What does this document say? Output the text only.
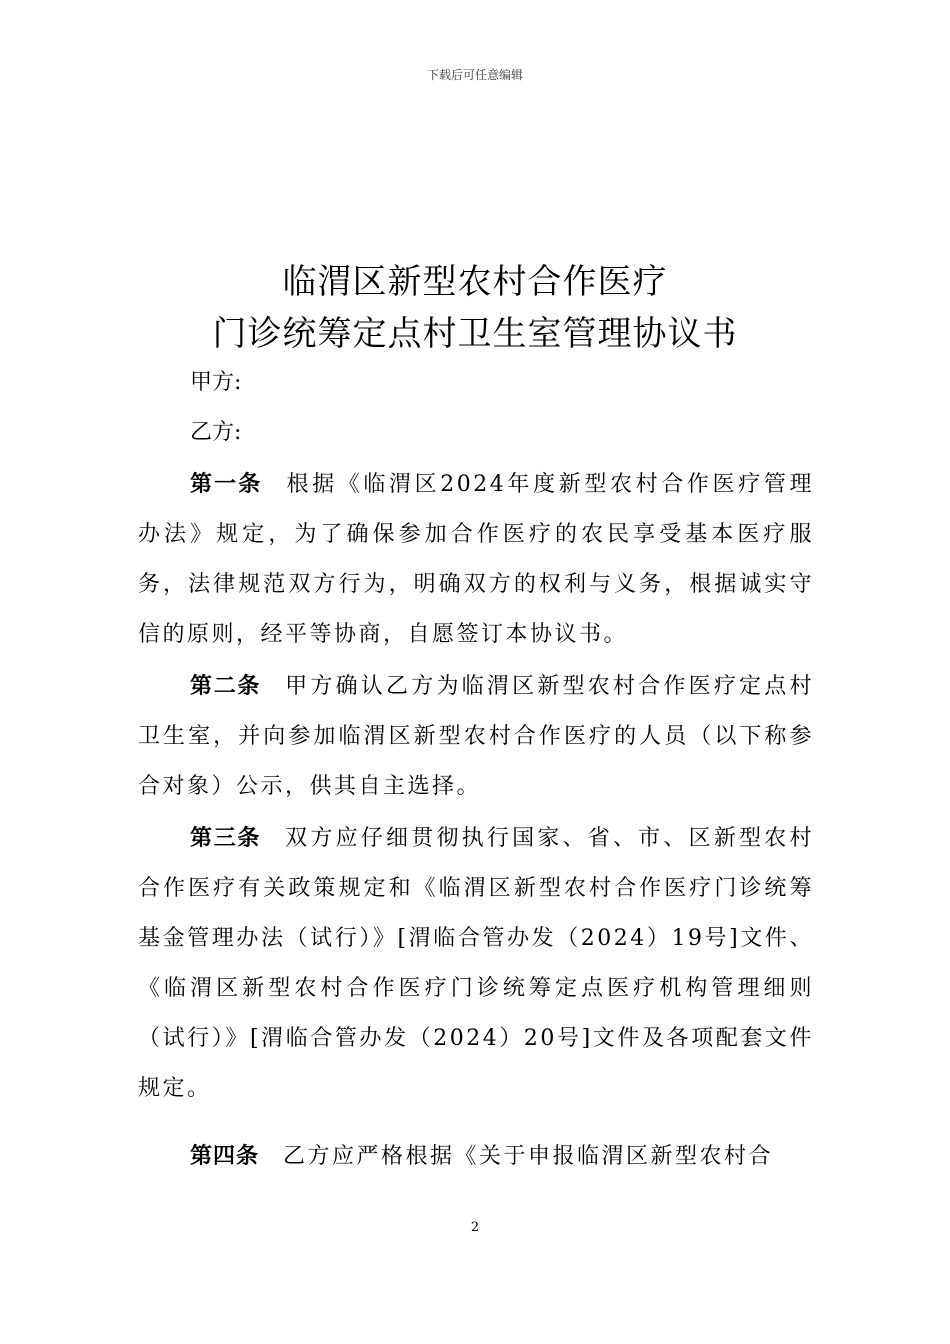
下载后可任意编辑
临渭区新型农村合作医疗
门诊统筹定点村卫生室管理协议书

甲方:

乙方:

第一条 根据《临渭区2024年度新型农村合作医疗管理办法》规定，为了确保参加合作医疗的农民享受基本医疗服务，法律规范双方行为，明确双方的权利与义务，根据诚实守信的原则，经平等协商，自愿签订本协议书。

第二条 甲方确认乙方为临渭区新型农村合作医疗定点村卫生室，并向参加临渭区新型农村合作医疗的人员（以下称参合对象）公示，供其自主选择。

第三条 双方应仔细贯彻执行国家、省、市、区新型农村合作医疗有关政策规定和《临渭区新型农村合作医疗门诊统筹基金管理办法（试行）》[渭临合管办发（2024）19号]文件、《临渭区新型农村合作医疗门诊统筹定点医疗机构管理细则（试行）》[渭临合管办发（2024）20号]文件及各项配套文件规定。

第四条 乙方应严格根据《关于申报临渭区新型农村合

2
